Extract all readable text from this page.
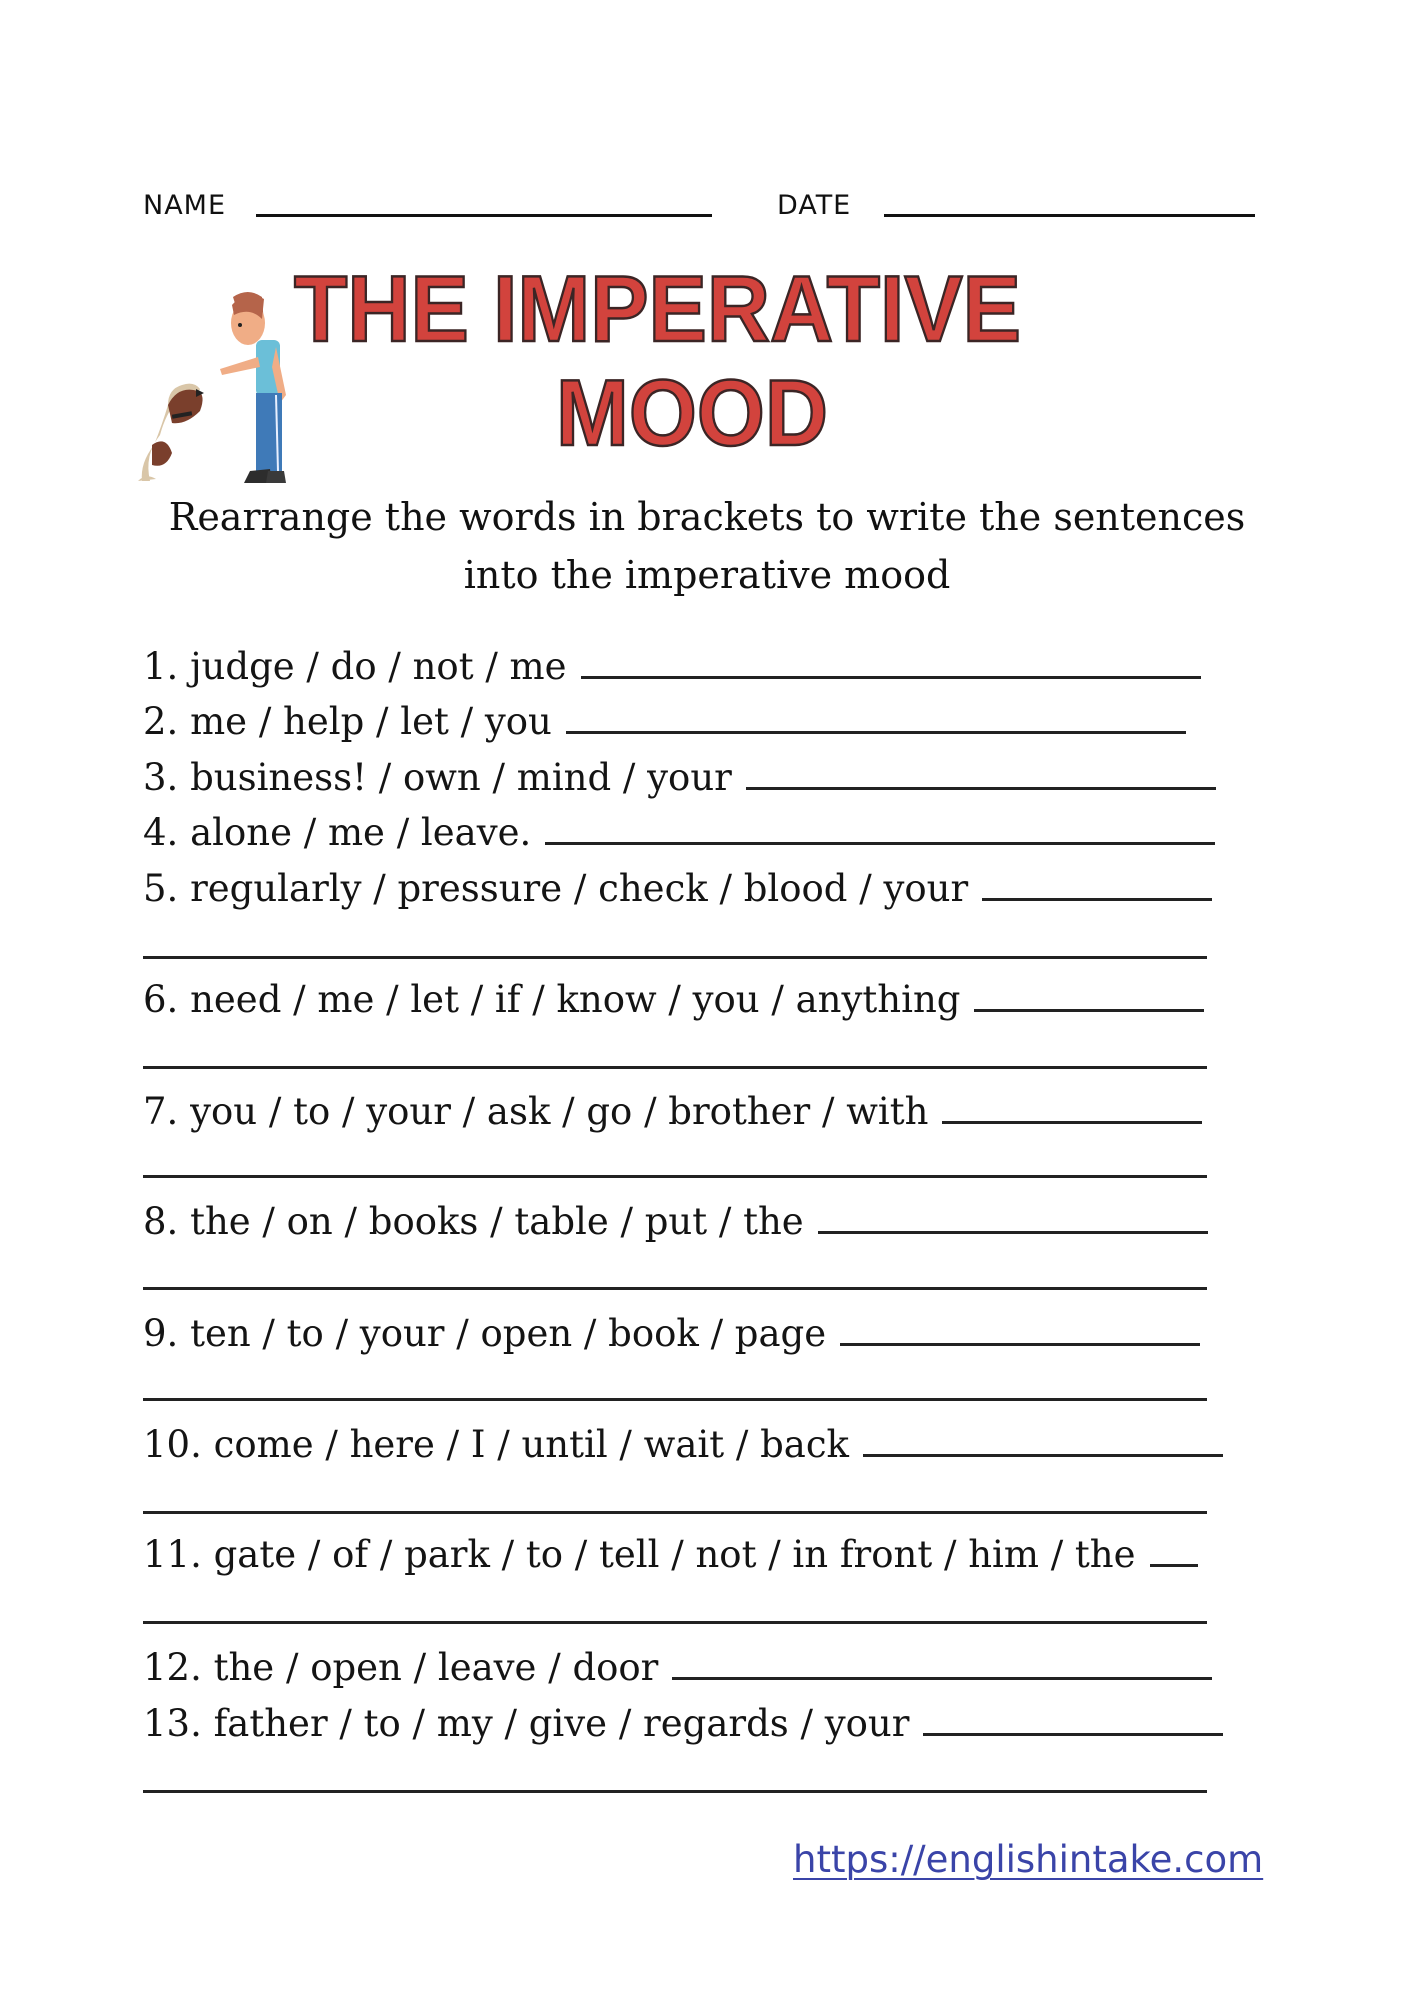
NAME	DATE
THE IMPERATIVE
MOOD
Rearrange the words in brackets to write the sentences into the imperative mood
1.
judge / do / not / me
2.
me / help / let / you
3.
business! / own / mind / your
4.
alone / me / leave.
5.
regularly / pressure / check / blood / your
6.
need / me / let / if / know / you / anything
7.
you / to / your / ask / go / brother / with
8.
the / on / books / table / put / the
9.
ten / to / your / open / book / page
10.
come / here / I / until / wait / back
11.
gate / of / park / to / tell / not / in front / him / the
12.
the / open / leave / door
13.
father / to / my / give / regards / your
https://englishintake.com
